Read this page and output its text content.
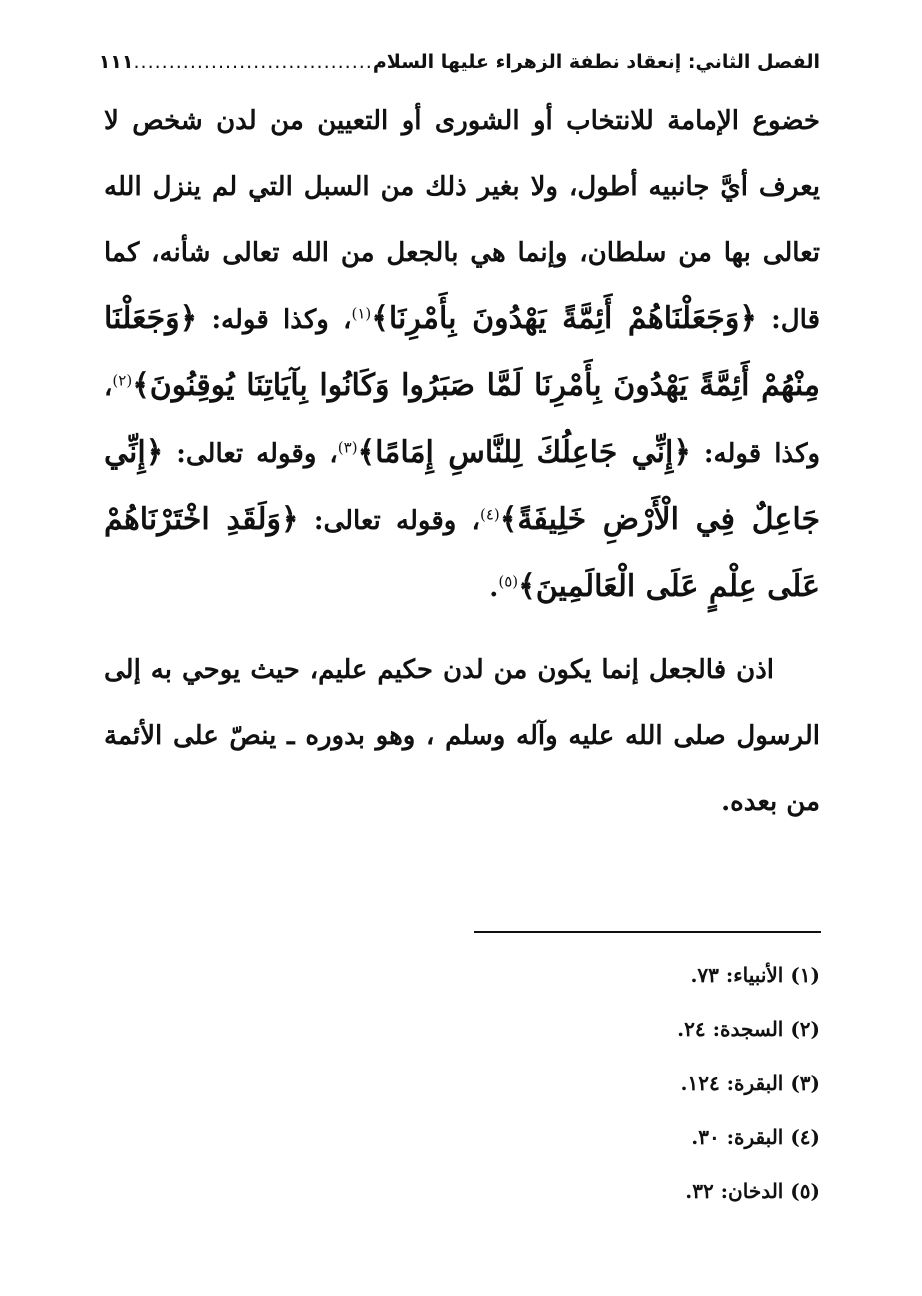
الفصل الثاني: إنعقاد نطفة الزهراء عليها السلام
..................................
١١١

خضوع الإمامة للانتخاب أو الشورى أو التعيين من لدن شخص لا يعرف أيَّ جانبيه أطول، ولا بغير ذلك من السبل التي لم ينزل الله تعالى بها من سلطان، وإنما هي بالجعل من الله تعالى شأنه، كما قال: ﴿وَجَعَلْنَاهُمْ أَئِمَّةً يَهْدُونَ بِأَمْرِنَا﴾$^{(١)}$، وكذا قوله: ﴿وَجَعَلْنَا مِنْهُمْ أَئِمَّةً يَهْدُونَ بِأَمْرِنَا لَمَّا صَبَرُوا وَكَانُوا بِآيَاتِنَا يُوقِنُونَ﴾$^{(٢)}$، وكذا قوله: ﴿إِنِّي جَاعِلُكَ لِلنَّاسِ إِمَامًا﴾$^{(٣)}$، وقوله تعالى: ﴿إِنِّي جَاعِلٌ فِي الْأَرْضِ خَلِيفَةً﴾$^{(٤)}$، وقوله تعالى: ﴿وَلَقَدِ اخْتَرْنَاهُمْ عَلَى عِلْمٍ عَلَى الْعَالَمِينَ﴾$^{(٥)}$.

اذن فالجعل إنما يكون من لدن حكيم عليم، حيث يوحي به إلى الرسول صلى الله عليه وآله وسلم ، وهو بدوره ـ ينصّ على الأئمة من بعده.

(١) الأنبياء: ٧٣.
(٢) السجدة: ٢٤.
(٣) البقرة: ١٢٤.
(٤) البقرة: ٣٠.
(٥) الدخان: ٣٢.
